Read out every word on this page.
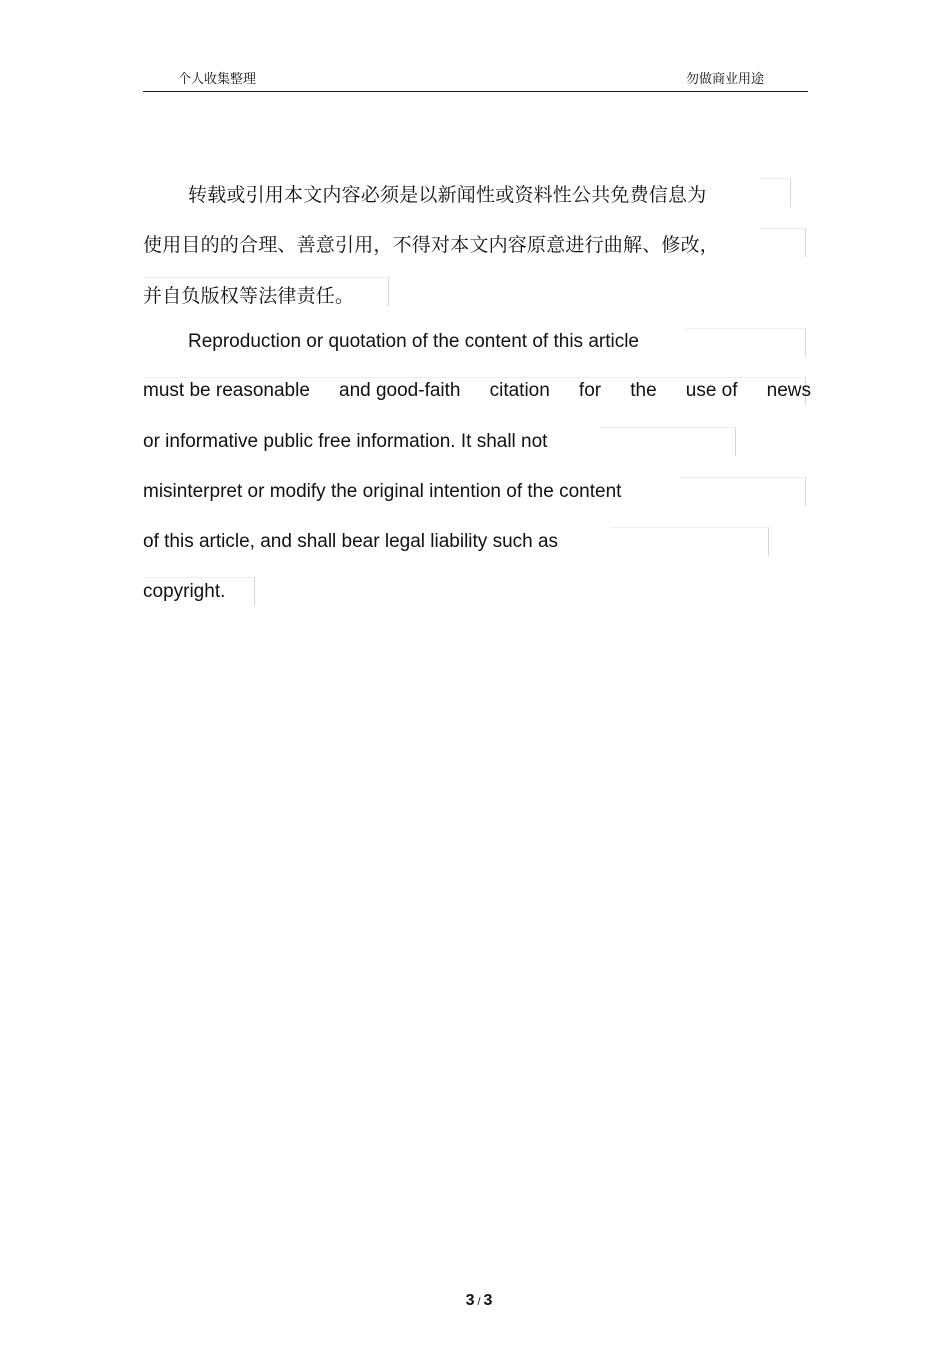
个人收集整理	勿做商业用途
转载或引用本文内容必须是以新闻性或资料性公共免费信息为
使用目的的合理、善意引用，不得对本文内容原意进行曲解、修改，
并自负版权等法律责任。
Reproduction or quotation of the content of this article
must be reasonable and good-faith citation for the use of news
or informative public free information. It shall not
misinterpret or modify the original intention of the content
of this article, and shall bear legal liability such as
copyright.
3 / 3
